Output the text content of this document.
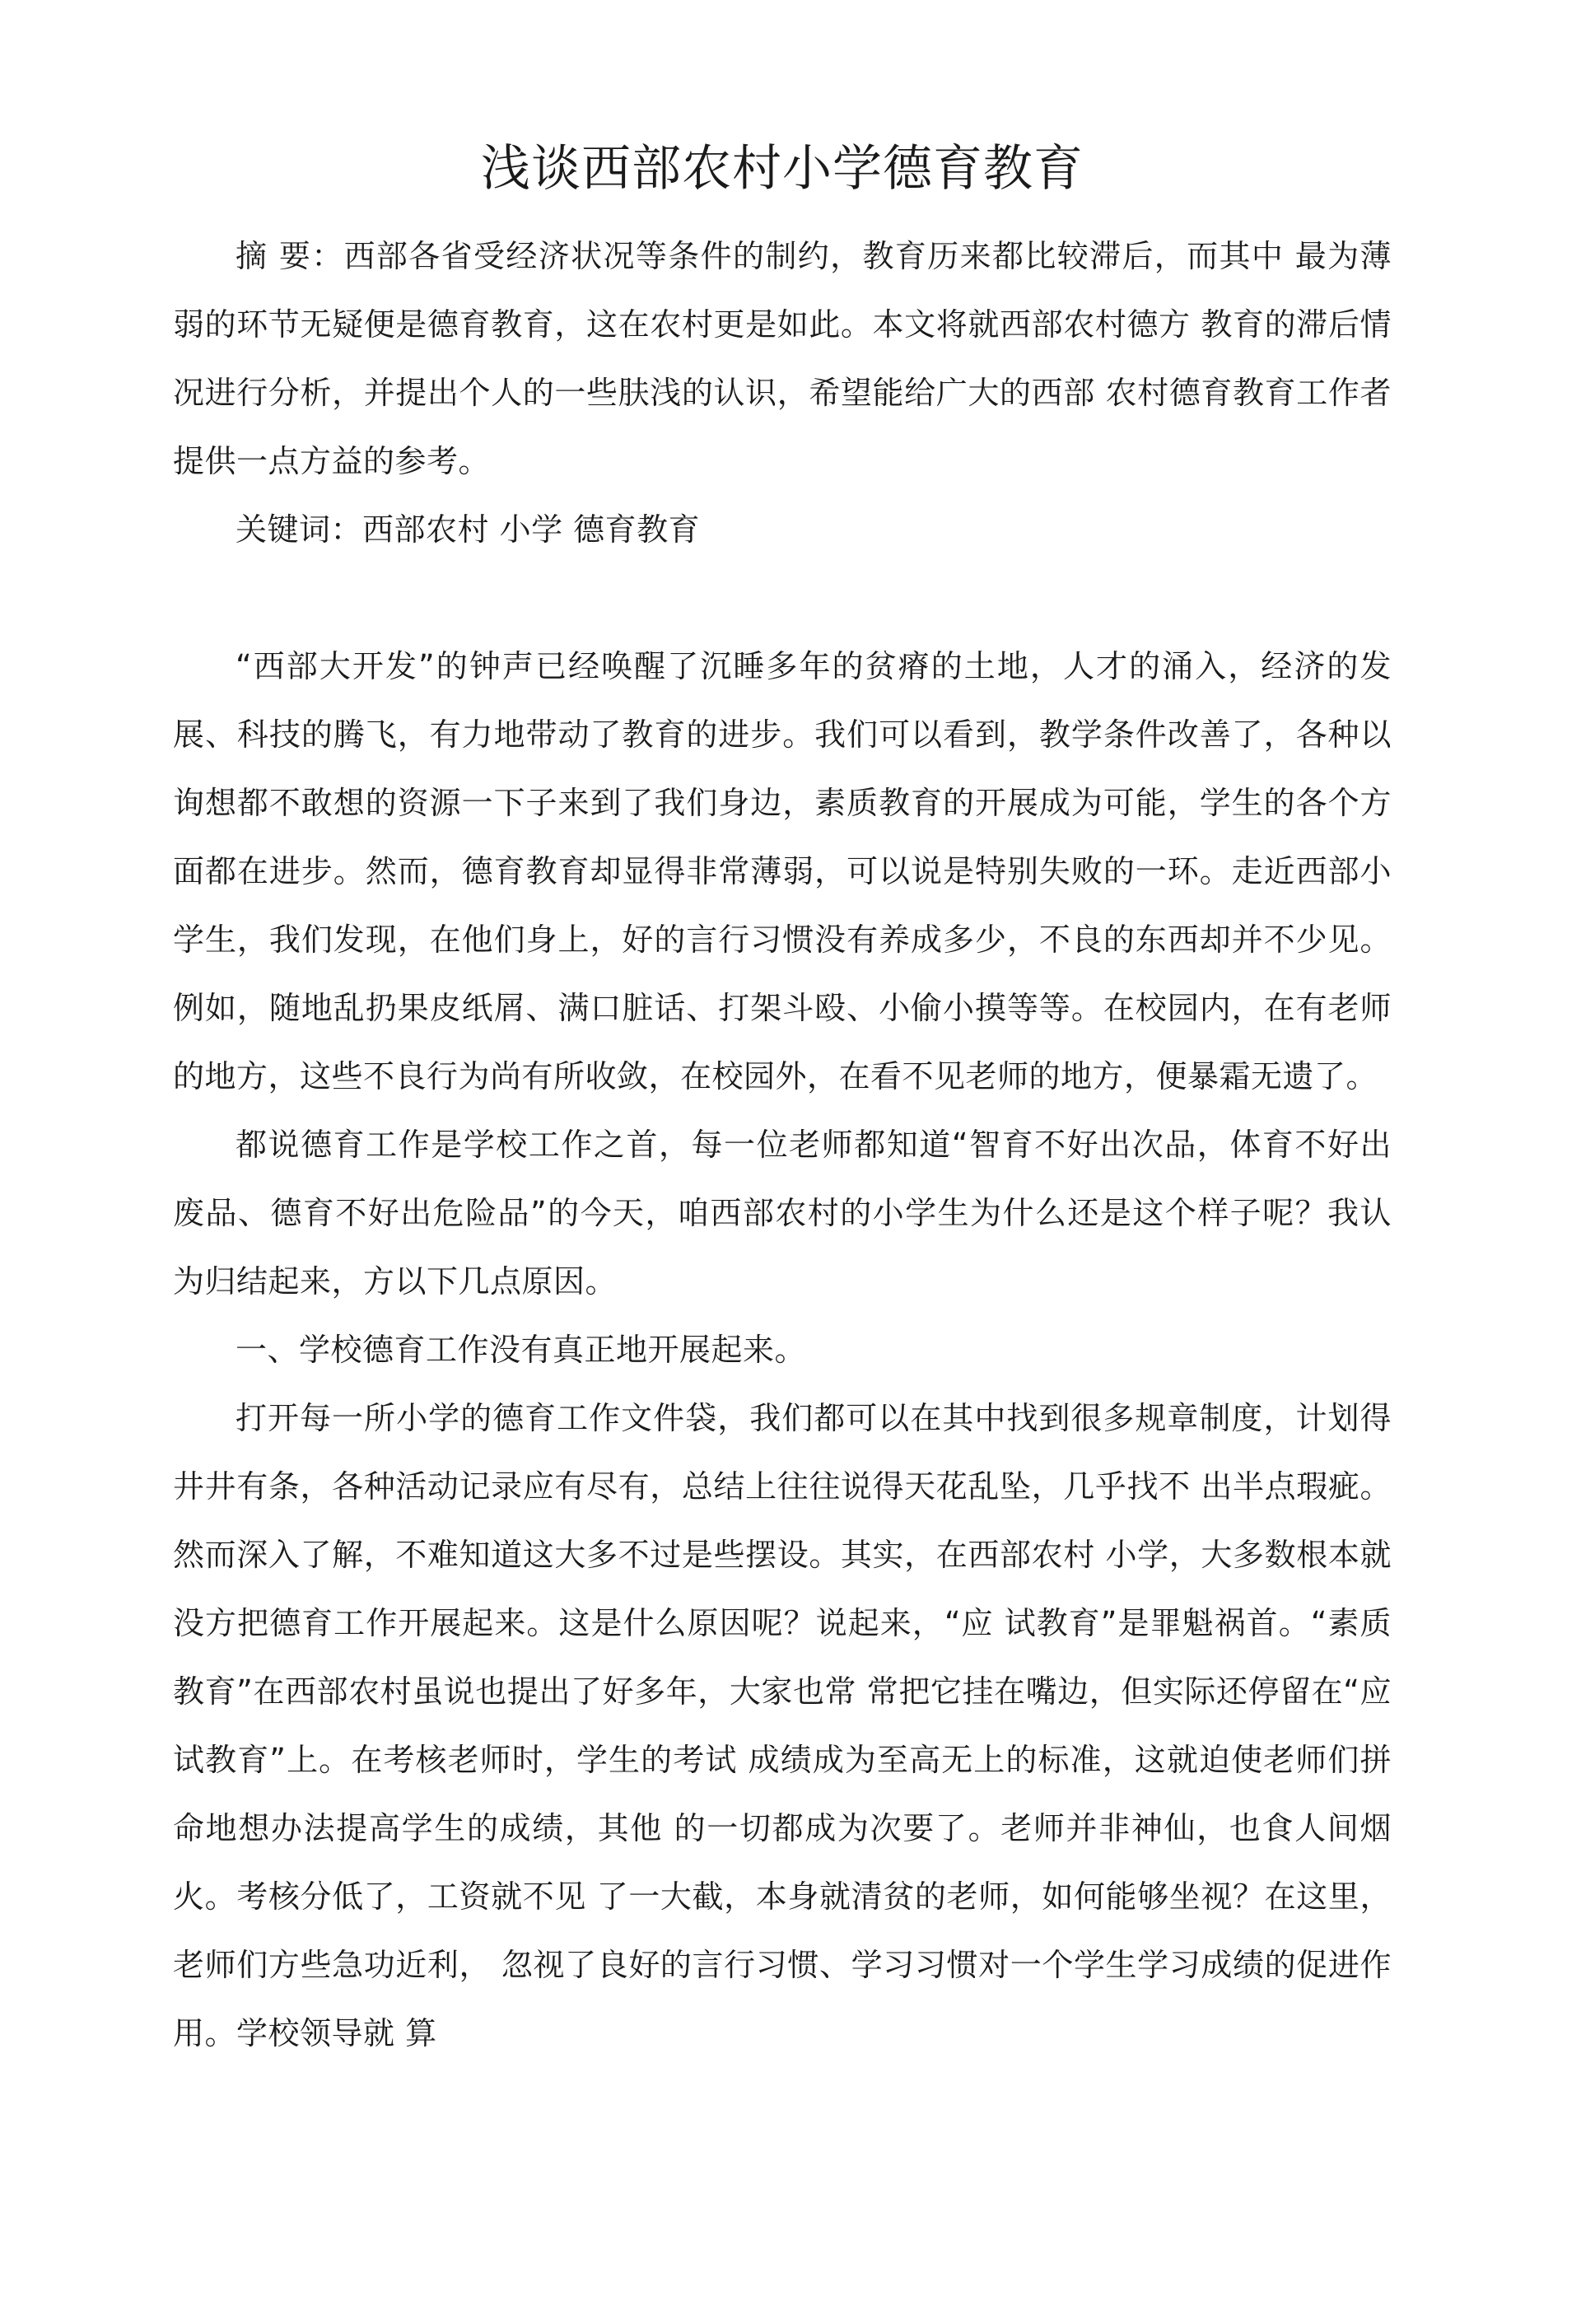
浅谈西部农村小学德育教育

摘 要：西部各省受经济状况等条件的制约，教育历来都比较滞后，而其中 最为薄弱的环节无疑便是德育教育，这在农村更是如此。本文将就西部农村德方 教育的滞后情况进行分析，并提出个人的一些肤浅的认识，希望能给广大的西部 农村德育教育工作者提供一点方益的参考。

关键词：西部农村 小学 德育教育

“西部大开发”的钟声已经唤醒了沉睡多年的贫瘠的土地，人才的涌入，经济的发展、科技的腾飞，有力地带动了教育的进步。我们可以看到，教学条件改善了，各种以询想都不敢想的资源一下子来到了我们身边，素质教育的开展成为可能，学生的各个方面都在进步。然而，德育教育却显得非常薄弱，可以说是特别失败的一环。走近西部小学生，我们发现，在他们身上，好的言行习惯没有养成多少，不良的东西却并不少见。例如，随地乱扔果皮纸屑、满口脏话、打架斗殴、小偷小摸等等。在校园内，在有老师的地方，这些不良行为尚有所收敛，在校园外，在看不见老师的地方，便暴霜无遗了。

都说德育工作是学校工作之首，每一位老师都知道“智育不好出次品，体育不好出废品、德育不好出危险品”的今天，咱西部农村的小学生为什么还是这个样子呢？我认为归结起来，方以下几点原因。

一、学校德育工作没有真正地开展起来。

打开每一所小学的德育工作文件袋，我们都可以在其中找到很多规章制度，计划得井井有条，各种活动记录应有尽有，总结上往往说得天花乱坠，几乎找不 出半点瑕疵。然而深入了解，不难知道这大多不过是些摆设。其实，在西部农村 小学，大多数根本就没方把德育工作开展起来。这是什么原因呢？说起来，“应 试教育”是罪魁祸首。“素质教育”在西部农村虽说也提出了好多年，大家也常 常把它挂在嘴边，但实际还停留在“应试教育”上。在考核老师时，学生的考试 成绩成为至高无上的标准，这就迫使老师们拼命地想办法提高学生的成绩，其他 的一切都成为次要了。老师并非神仙，也食人间烟火。考核分低了，工资就不见 了一大截，本身就清贫的老师，如何能够坐视？在这里，老师们方些急功近利， 忽视了良好的言行习惯、学习习惯对一个学生学习成绩的促进作用。学校领导就 算
